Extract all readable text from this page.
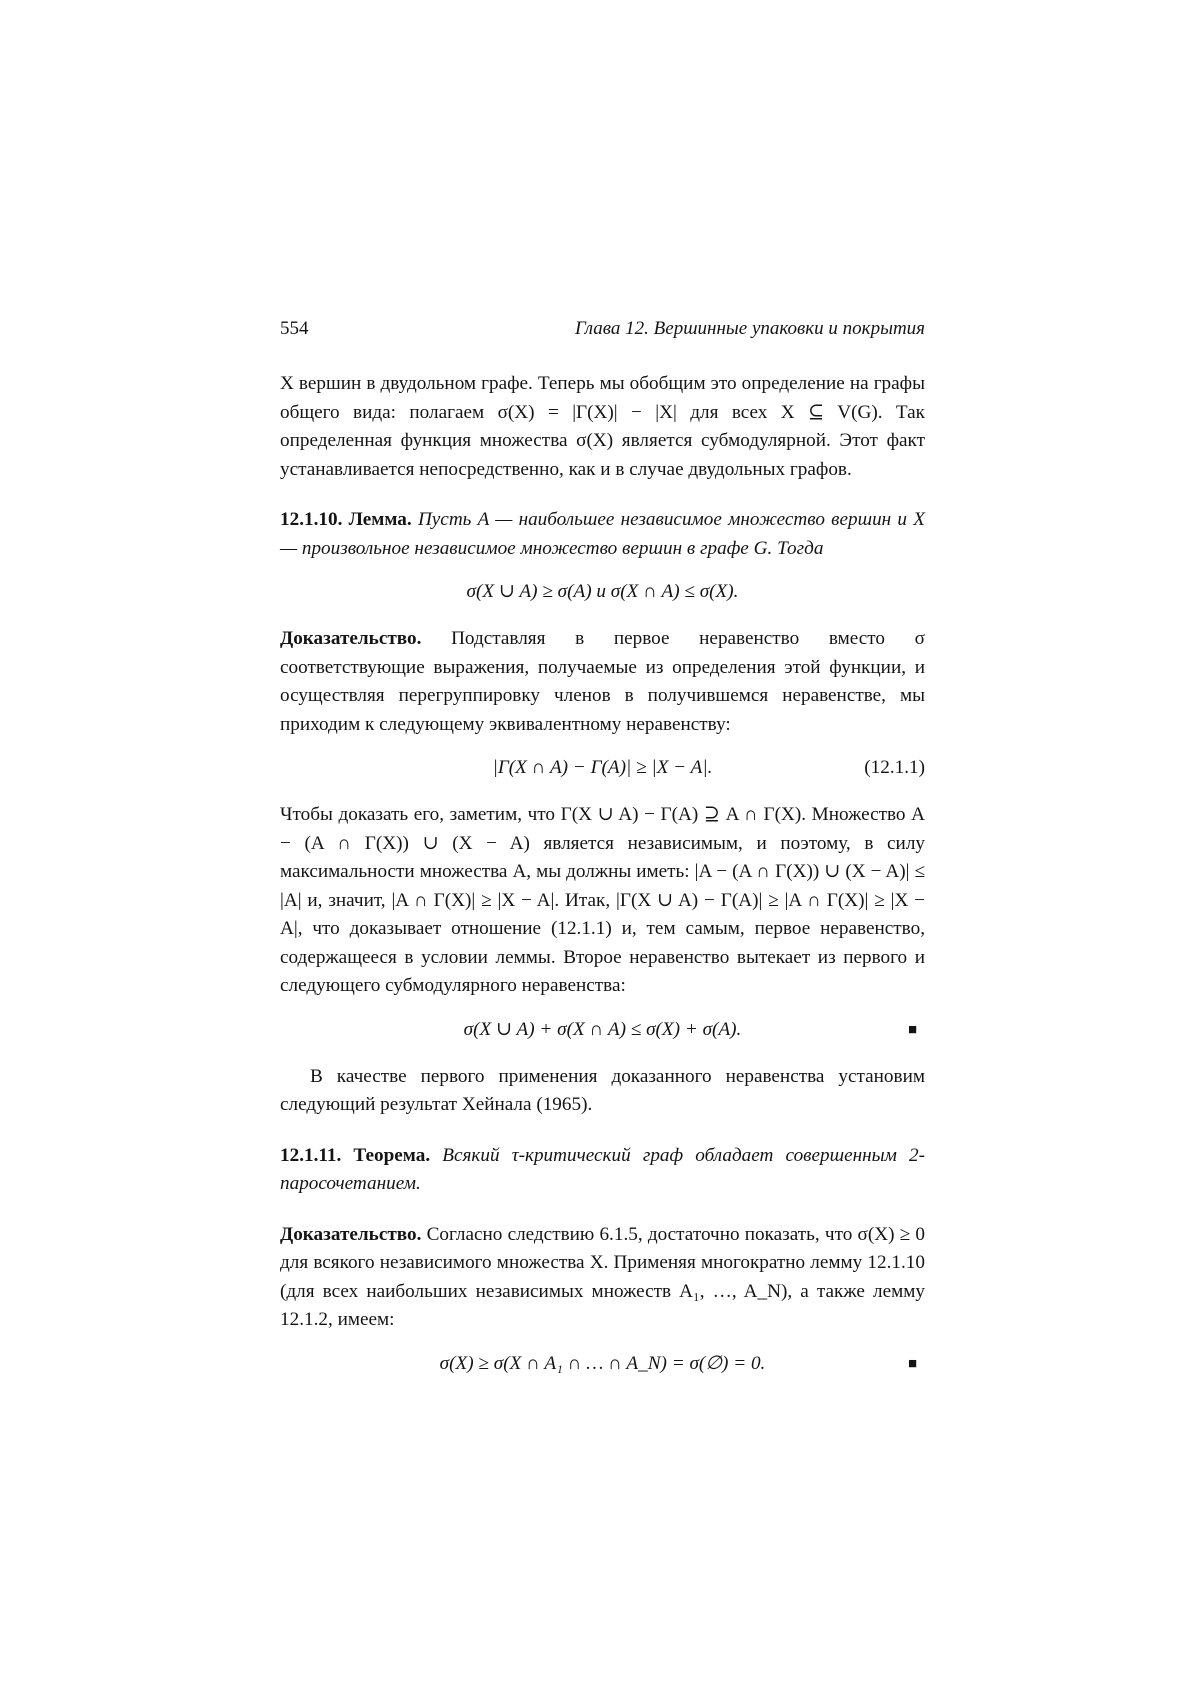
554	Глава 12. Вершинные упаковки и покрытия

X вершин в двудольном графе. Теперь мы обобщим это определение на графы общего вида: полагаем σ(X) = |Γ(X)| − |X| для всех X ⊆ V(G). Так определенная функция множества σ(X) является субмодулярной. Этот факт устанавливается непосредственно, как и в случае двудольных графов.

12.1.10. Лемма. Пусть A — наибольшее независимое множество вершин и X — произвольное независимое множество вершин в графе G. Тогда

σ(X ∪ A) ≥ σ(A) и σ(X ∩ A) ≤ σ(X).

Доказательство. Подставляя в первое неравенство вместо σ соответствующие выражения, получаемые из определения этой функции, и осуществляя перегруппировку членов в получившемся неравенстве, мы приходим к следующему эквивалентному неравенству:

|Γ(X ∩ A) − Γ(A)| ≥ |X − A|.	(12.1.1)

Чтобы доказать его, заметим, что Γ(X ∪ A) − Γ(A) ⊇ A ∩ Γ(X). Множество A − (A ∩ Γ(X)) ∪ (X − A) является независимым, и поэтому, в силу максимальности множества A, мы должны иметь: |A − (A ∩ Γ(X)) ∪ (X − A)| ≤ |A| и, значит, |A ∩ Γ(X)| ≥ |X − A|. Итак, |Γ(X ∪ A) − Γ(A)| ≥ |A ∩ Γ(X)| ≥ |X − A|, что доказывает отношение (12.1.1) и, тем самым, первое неравенство, содержащееся в условии леммы. Второе неравенство вытекает из первого и следующего субмодулярного неравенства:

σ(X ∪ A) + σ(X ∩ A) ≤ σ(X) + σ(A).	■

В качестве первого применения доказанного неравенства установим следующий результат Хейнала (1965).

12.1.11. Теорема. Всякий τ-критический граф обладает совершенным 2-паросочетанием.

Доказательство. Согласно следствию 6.1.5, достаточно показать, что σ(X) ≥ 0 для всякого независимого множества X. Применяя многократно лемму 12.1.10 (для всех наибольших независимых множеств A₁, …, A_N), а также лемму 12.1.2, имеем:

σ(X) ≥ σ(X ∩ A₁ ∩ … ∩ A_N) = σ(∅) = 0.	■
